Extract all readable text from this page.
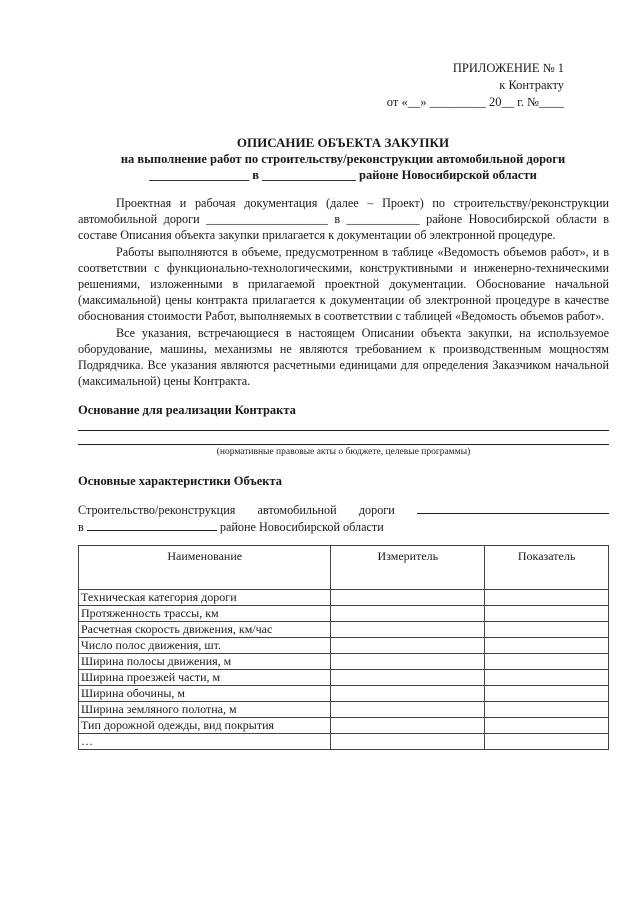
ПРИЛОЖЕНИЕ № 1
к Контракту
от «__» _________ 20__ г. №____
ОПИСАНИЕ ОБЪЕКТА ЗАКУПКИ
на выполнение работ по строительству/реконструкции автомобильной дороги
________________ в _______________ районе Новосибирской области

Проектная и рабочая документация (далее – Проект) по строительству/реконструкции автомобильной дороги ____________________ в ____________ районе Новосибирской области в составе Описания объекта закупки прилагается к документации об электронной процедуре.

Работы выполняются в объеме, предусмотренном в таблице «Ведомость объемов работ», и в соответствии с функционально-технологическими, конструктивными и инженерно-техническими решениями, изложенными в прилагаемой проектной документации. Обоснование начальной (максимальной) цены контракта прилагается к документации об электронной процедуре в качестве обоснования стоимости Работ, выполняемых в соответствии с таблицей «Ведомость объемов работ».

Все указания, встречающиеся в настоящем Описании объекта закупки, на используемое оборудование, машины, механизмы не являются требованием к производственным мощностям Подрядчика. Все указания являются расчетными единицами для определения Заказчиком начальной (максимальной) цены Контракта.

Основание для реализации Контракта
(нормативные правовые акты о бюджете, целевые программы)
Основные характеристики Объекта
Строительство/реконструкция автомобильной дороги
в	районе Новосибирской области
Наименование	Измеритель	Показатель
Техническая категория дороги		
Протяженность трассы, км		
Расчетная скорость движения, км/час		
Число полос движения, шт.		
Ширина полосы движения, м		
Ширина проезжей части, м		
Ширина обочины, м		
Ширина земляного полотна, м		
Тип дорожной одежды, вид покрытия		
…		
